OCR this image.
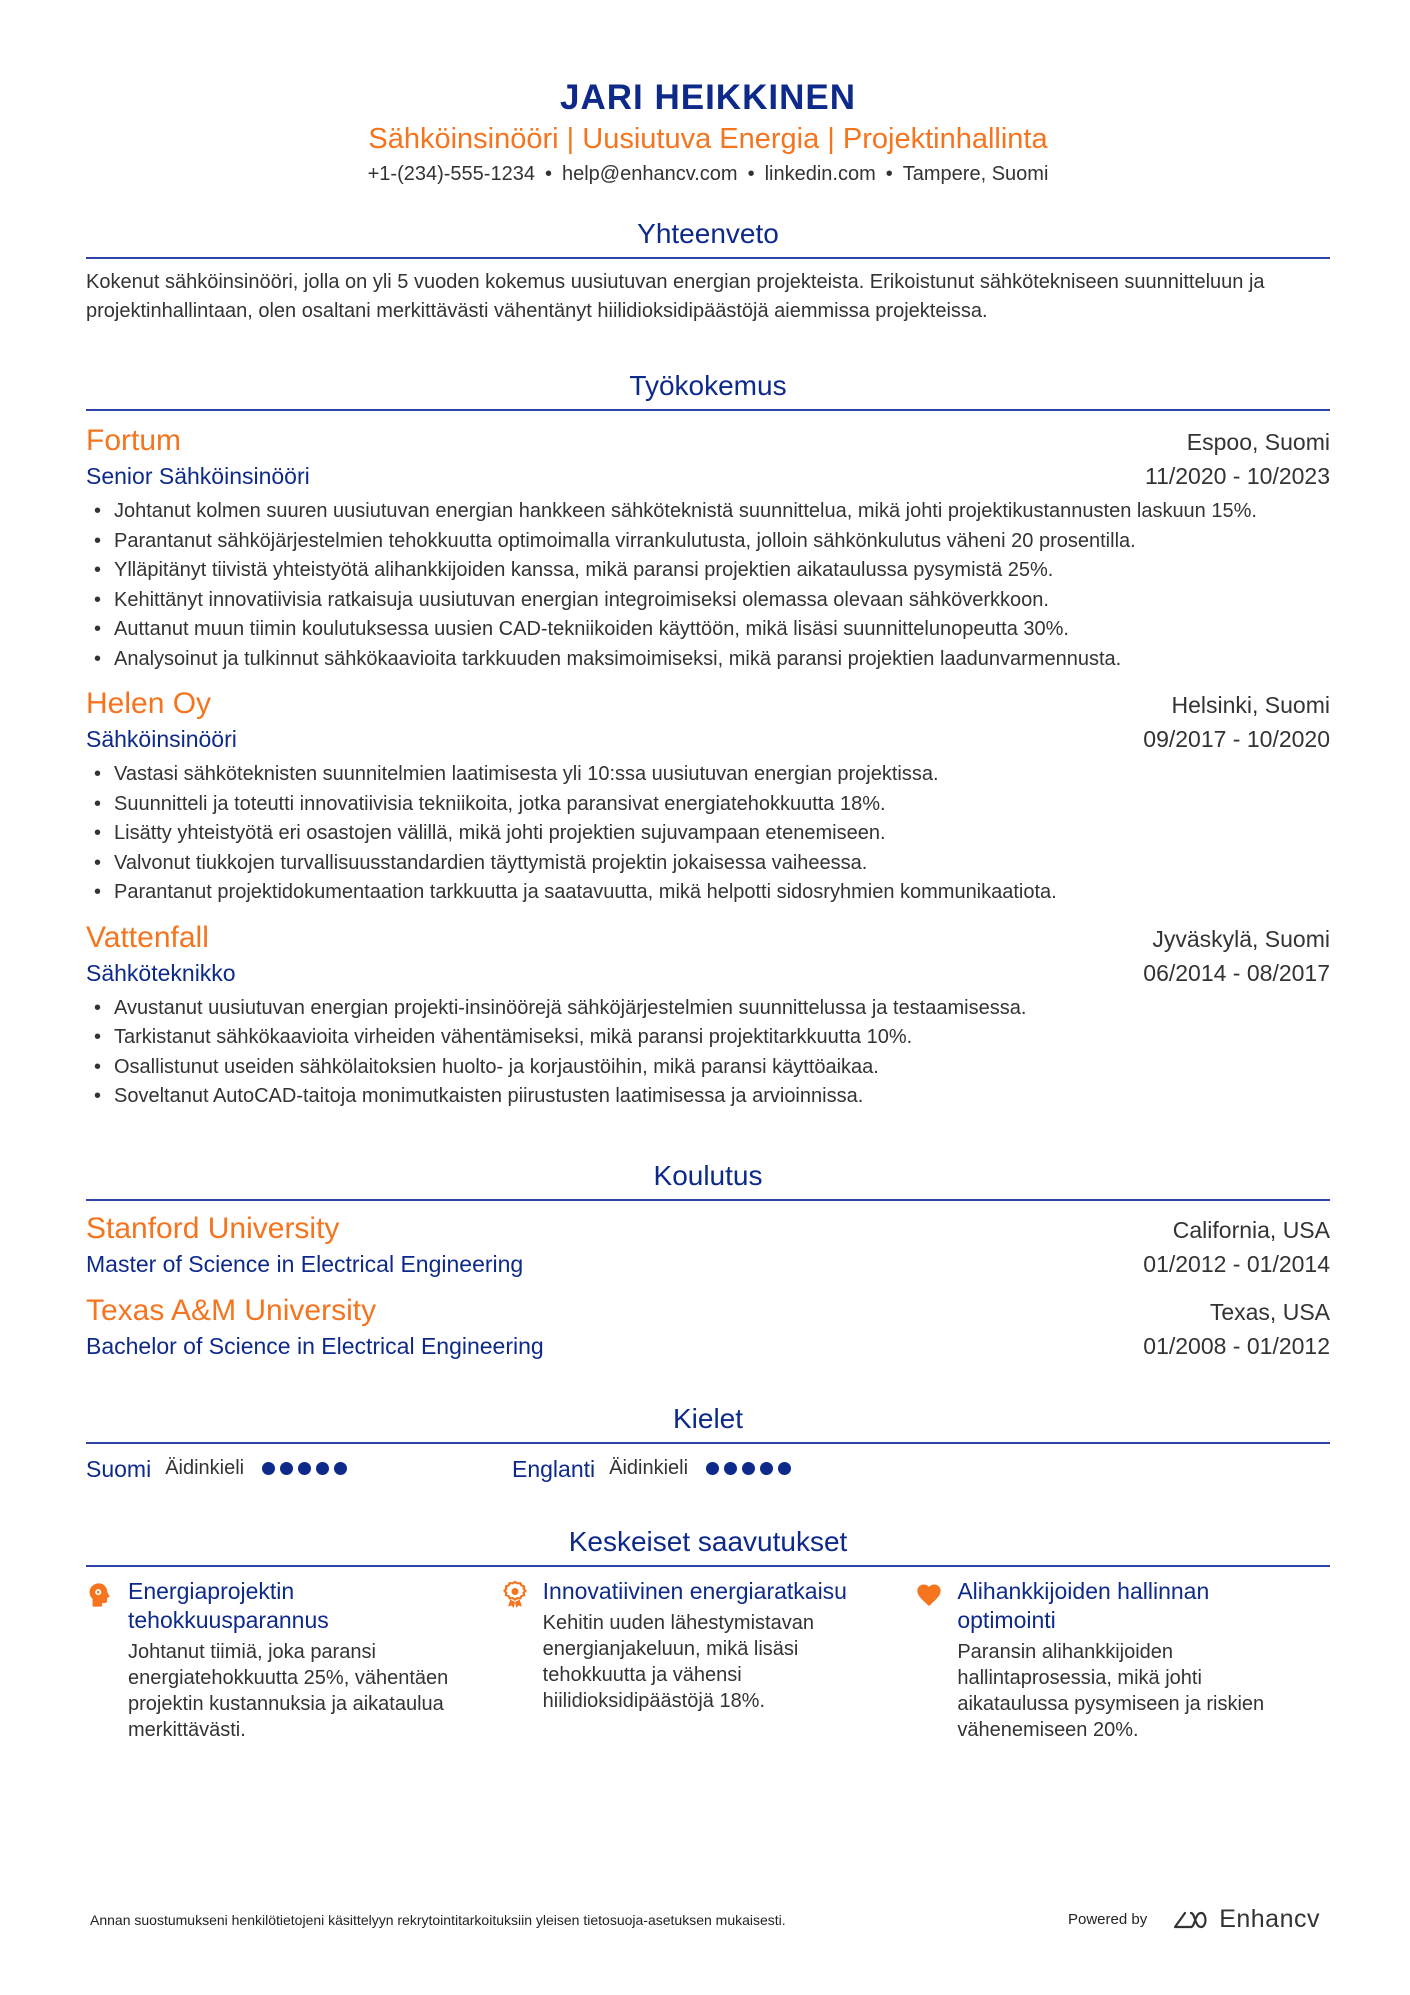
JARI HEIKKINEN
Sähköinsinööri | Uusiutuva Energia | Projektinhallinta
+1-(234)-555-1234 • help@enhancv.com • linkedin.com • Tampere, Suomi
Yhteenveto

Kokenut sähköinsinööri, jolla on yli 5 vuoden kokemus uusiutuvan energian projekteista. Erikoistunut sähkötekniseen suunnitteluun ja projektinhallintaan, olen osaltani merkittävästi vähentänyt hiilidioksidipäästöjä aiemmissa projekteissa.

Työkokemus
Fortum	Espoo, Suomi
Senior Sähköinsinööri	11/2020 - 10/2023
• Johtanut kolmen suuren uusiutuvan energian hankkeen sähköteknistä suunnittelua, mikä johti projektikustannusten laskuun 15%.
• Parantanut sähköjärjestelmien tehokkuutta optimoimalla virrankulutusta, jolloin sähkönkulutus väheni 20 prosentilla.
• Ylläpitänyt tiivistä yhteistyötä alihankkijoiden kanssa, mikä paransi projektien aikataulussa pysymistä 25%.
• Kehittänyt innovatiivisia ratkaisuja uusiutuvan energian integroimiseksi olemassa olevaan sähköverkkoon.
• Auttanut muun tiimin koulutuksessa uusien CAD-tekniikoiden käyttöön, mikä lisäsi suunnittelunopeutta 30%.
• Analysoinut ja tulkinnut sähkökaavioita tarkkuuden maksimoimiseksi, mikä paransi projektien laadunvarmennusta.
Helen Oy	Helsinki, Suomi
Sähköinsinööri	09/2017 - 10/2020
• Vastasi sähköteknisten suunnitelmien laatimisesta yli 10:ssa uusiutuvan energian projektissa.
• Suunnitteli ja toteutti innovatiivisia tekniikoita, jotka paransivat energiatehokkuutta 18%.
• Lisätty yhteistyötä eri osastojen välillä, mikä johti projektien sujuvampaan etenemiseen.
• Valvonut tiukkojen turvallisuusstandardien täyttymistä projektin jokaisessa vaiheessa.
• Parantanut projektidokumentaation tarkkuutta ja saatavuutta, mikä helpotti sidosryhmien kommunikaatiota.
Vattenfall	Jyväskylä, Suomi
Sähköteknikko	06/2014 - 08/2017
• Avustanut uusiutuvan energian projekti-insinöörejä sähköjärjestelmien suunnittelussa ja testaamisessa.
• Tarkistanut sähkökaavioita virheiden vähentämiseksi, mikä paransi projektitarkkuutta 10%.
• Osallistunut useiden sähkölaitoksien huolto- ja korjaustöihin, mikä paransi käyttöaikaa.
• Soveltanut AutoCAD-taitoja monimutkaisten piirustusten laatimisessa ja arvioinnissa.
Koulutus
Stanford University	California, USA
Master of Science in Electrical Engineering	01/2012 - 01/2014
Texas A&M University	Texas, USA
Bachelor of Science in Electrical Engineering	01/2008 - 01/2012
Kielet
Suomi Äidinkieli	Englanti Äidinkieli
Keskeiset saavutukset
Energiaprojektin tehokkuusparannus
Johtanut tiimiä, joka paransi energiatehokkuutta 25%, vähentäen projektin kustannuksia ja aikataulua merkittävästi.
Innovatiivinen energiaratkaisu
Kehitin uuden lähestymistavan energianjakeluun, mikä lisäsi tehokkuutta ja vähensi hiilidioksidipäästöjä 18%.
Alihankkijoiden hallinnan optimointi
Paransin alihankkijoiden hallintaprosessia, mikä johti aikataulussa pysymiseen ja riskien vähenemiseen 20%.
Annan suostumukseni henkilötietojeni käsittelyyn rekrytointitarkoituksiin yleisen tietosuoja-asetuksen mukaisesti.	Powered by	Enhancv
